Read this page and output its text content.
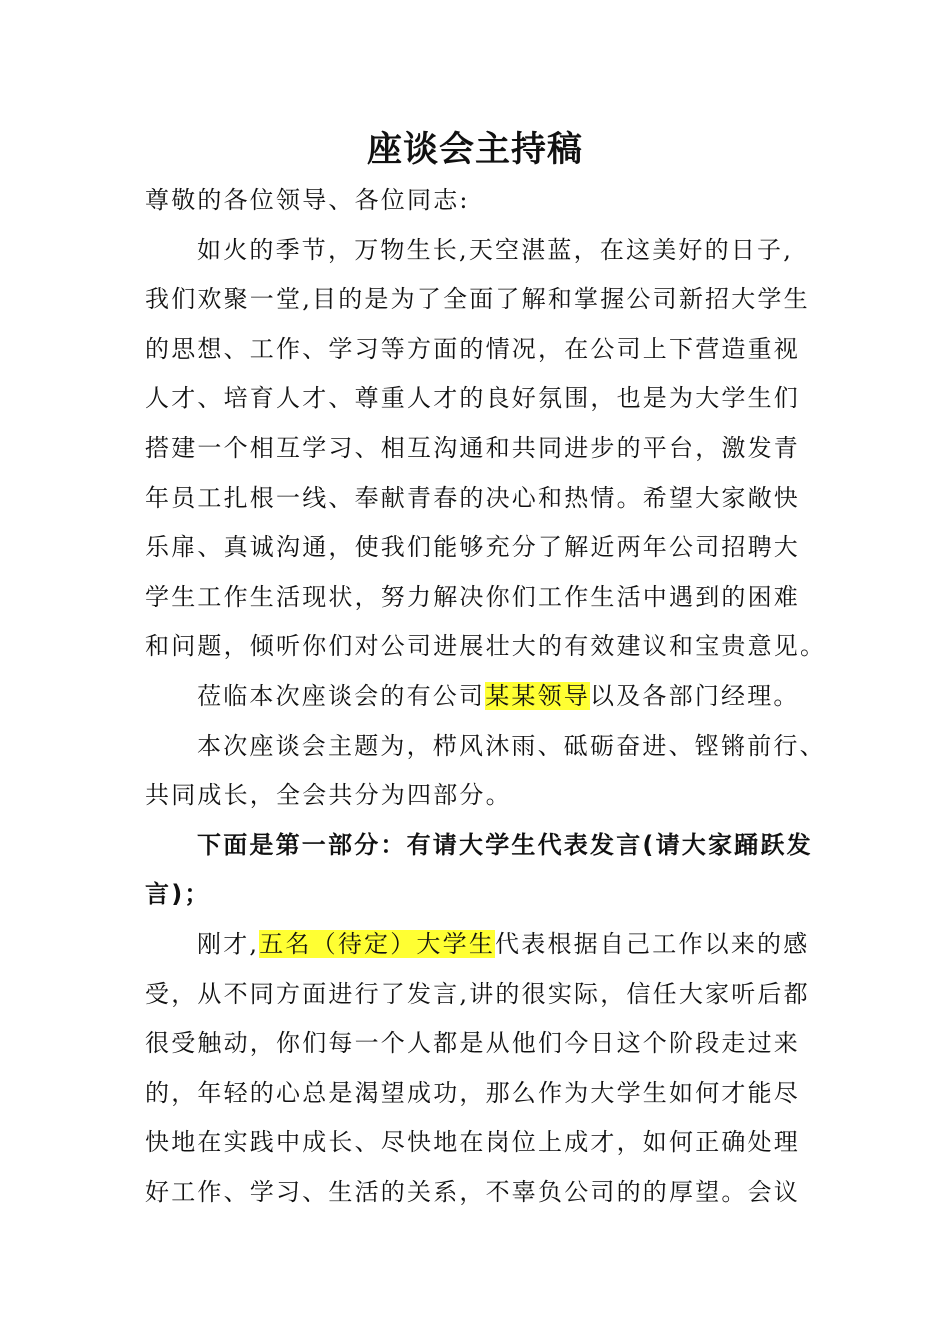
座谈会主持稿
尊敬的各位领导、各位同志:
如火的季节，万物生长,天空湛蓝，在这美好的日子,
我们欢聚一堂,目的是为了全面了解和掌握公司新招大学生
的思想、工作、学习等方面的情况，在公司上下营造重视
人才、培育人才、尊重人才的良好氛围，也是为大学生们
搭建一个相互学习、相互沟通和共同进步的平台，激发青
年员工扎根一线、奉献青春的决心和热情。希望大家敞快
乐扉、真诚沟通，使我们能够充分了解近两年公司招聘大
学生工作生活现状，努力解决你们工作生活中遇到的困难
和问题，倾听你们对公司进展壮大的有效建议和宝贵意见。
莅临本次座谈会的有公司某某领导以及各部门经理。
本次座谈会主题为，栉风沐雨、砥砺奋进、铿锵前行、
共同成长，全会共分为四部分。
下面是第一部分：有请大学生代表发言(请大家踊跃发
言)；
刚才,五名（待定）大学生代表根据自己工作以来的感
受，从不同方面进行了发言,讲的很实际，信任大家听后都
很受触动，你们每一个人都是从他们今日这个阶段走过来
的，年轻的心总是渴望成功，那么作为大学生如何才能尽
快地在实践中成长、尽快地在岗位上成才，如何正确处理
好工作、学习、生活的关系，不辜负公司的的厚望。会议
